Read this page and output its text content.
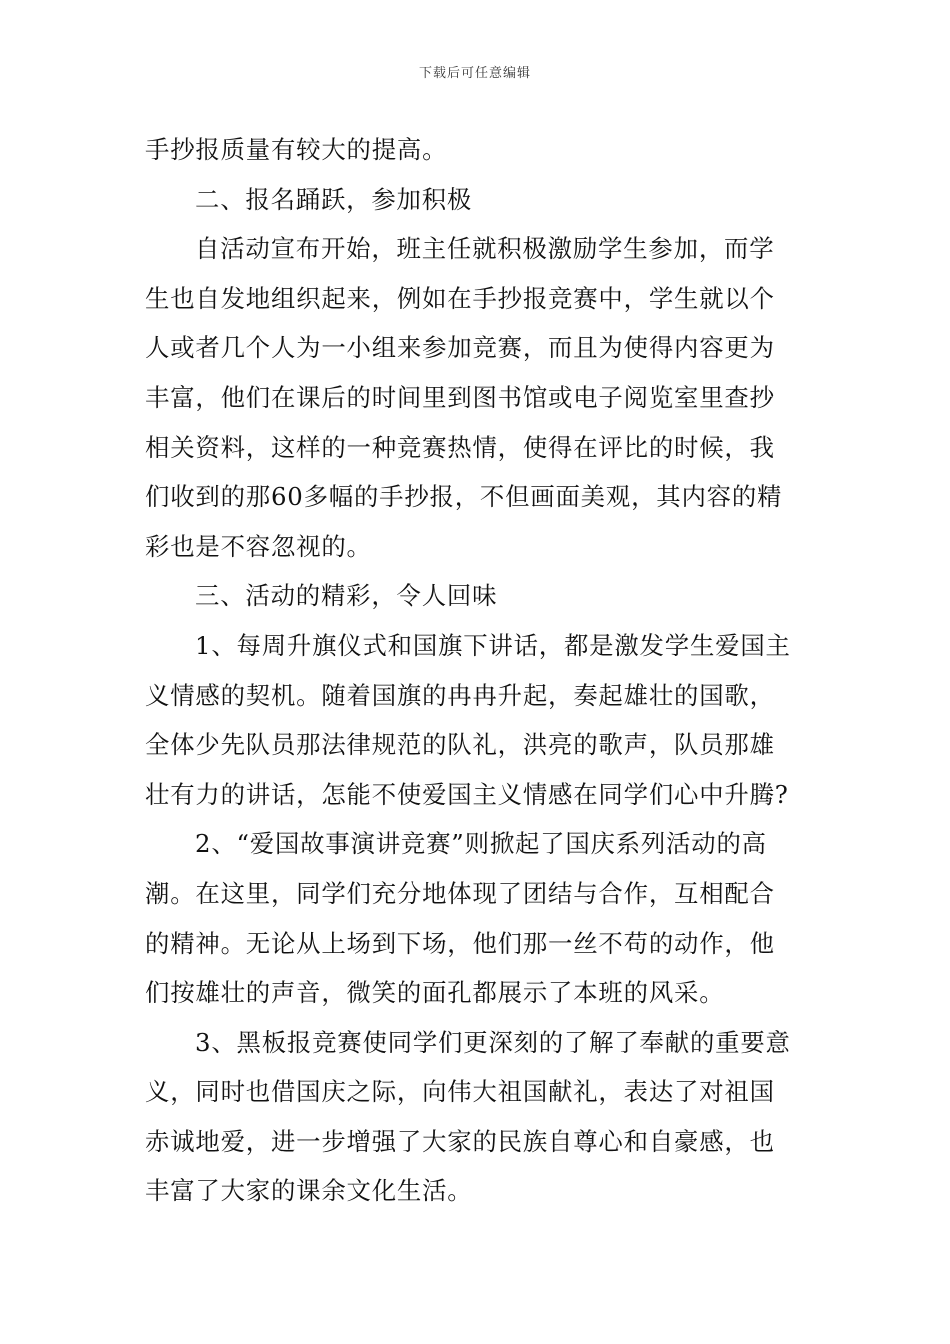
下载后可任意编辑

手抄报质量有较大的提高。

二、报名踊跃，参加积极

自活动宣布开始，班主任就积极激励学生参加，而学
生也自发地组织起来，例如在手抄报竞赛中，学生就以个
人或者几个人为一小组来参加竞赛，而且为使得内容更为
丰富，他们在课后的时间里到图书馆或电子阅览室里查抄
相关资料，这样的一种竞赛热情，使得在评比的时候，我
们收到的那60多幅的手抄报，不但画面美观，其内容的精
彩也是不容忽视的。

三、活动的精彩，令人回味

1、每周升旗仪式和国旗下讲话，都是激发学生爱国主
义情感的契机。随着国旗的冉冉升起，奏起雄壮的国歌，
全体少先队员那法律规范的队礼，洪亮的歌声，队员那雄
壮有力的讲话，怎能不使爱国主义情感在同学们心中升腾?

2、“爱国故事演讲竞赛”则掀起了国庆系列活动的高
潮。在这里，同学们充分地体现了团结与合作，互相配合
的精神。无论从上场到下场，他们那一丝不苟的动作，他
们按雄壮的声音，微笑的面孔都展示了本班的风采。

3、黑板报竞赛使同学们更深刻的了解了奉献的重要意
义，同时也借国庆之际，向伟大祖国献礼，表达了对祖国
赤诚地爱，进一步增强了大家的民族自尊心和自豪感，也
丰富了大家的课余文化生活。
